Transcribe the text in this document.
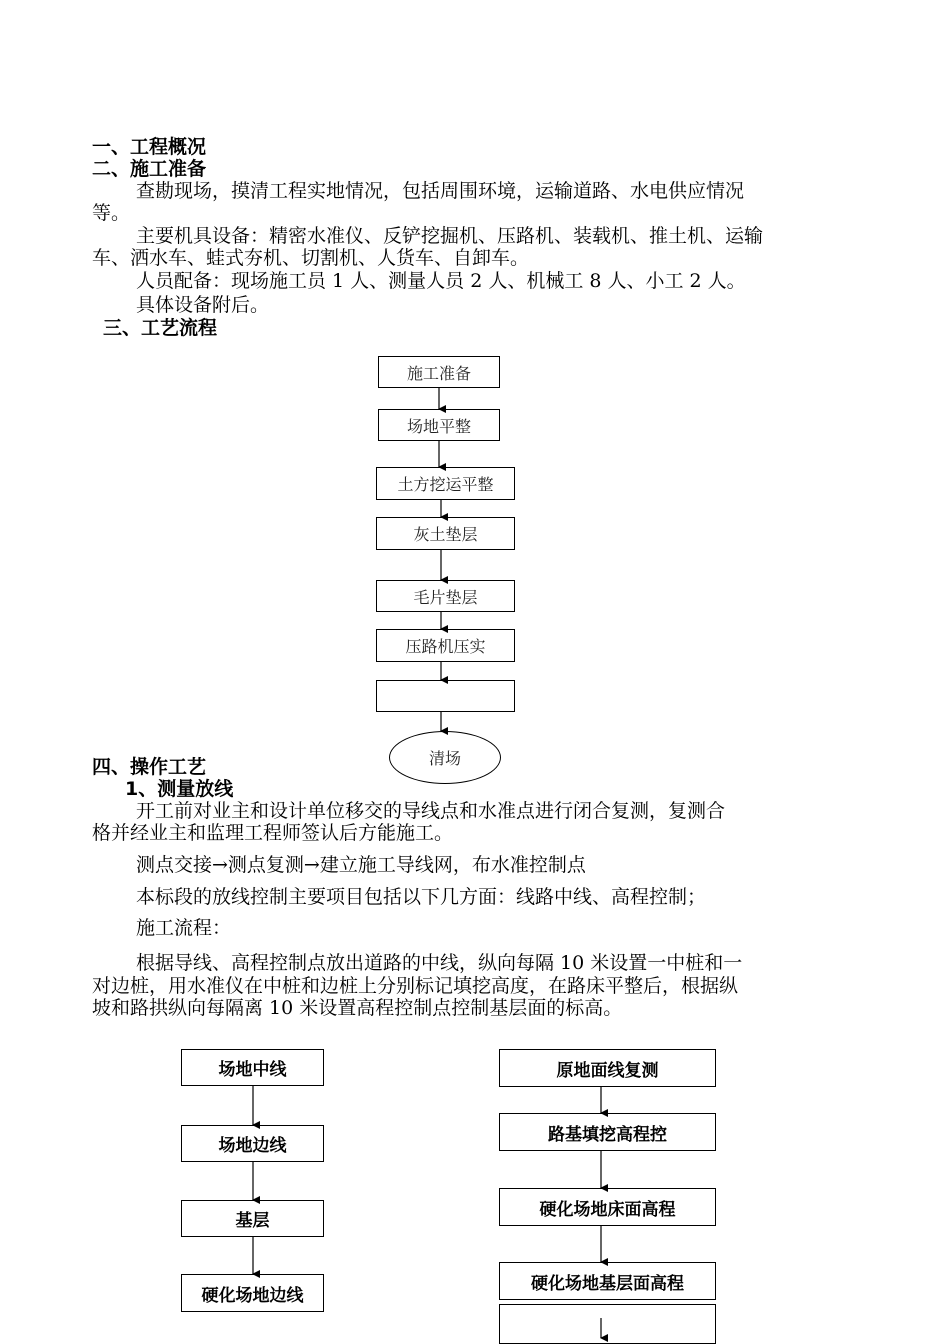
一、工程概况
二、施工准备
查勘现场，摸清工程实地情况，包括周围环境，运输道路、水电供应情况
等。
主要机具设备：精密水准仪、反铲挖掘机、压路机、装载机、推土机、运输
车、洒水车、蛙式夯机、切割机、人货车、自卸车。
人员配备：现场施工员 1 人、测量人员 2 人、机械工 8 人、小工 2 人。
具体设备附后。
三、工艺流程
施工准备
场地平整
土方挖运平整
灰土垫层
毛片垫层
压路机压实
清场
四、操作工艺
1、测量放线
开工前对业主和设计单位移交的导线点和水准点进行闭合复测，复测合
格并经业主和监理工程师签认后方能施工。
测点交接→测点复测→建立施工导线网，布水准控制点
本标段的放线控制主要项目包括以下几方面：线路中线、高程控制；
施工流程：
根据导线、高程控制点放出道路的中线，纵向每隔 10 米设置一中桩和一
对边桩，用水准仪在中桩和边桩上分别标记填挖高度，在路床平整后，根据纵
坡和路拱纵向每隔离 10 米设置高程控制点控制基层面的标高。
场地中线
场地边线
基层
硬化场地边线
原地面线复测
路基填挖高程控
硬化场地床面高程
硬化场地基层面高程
